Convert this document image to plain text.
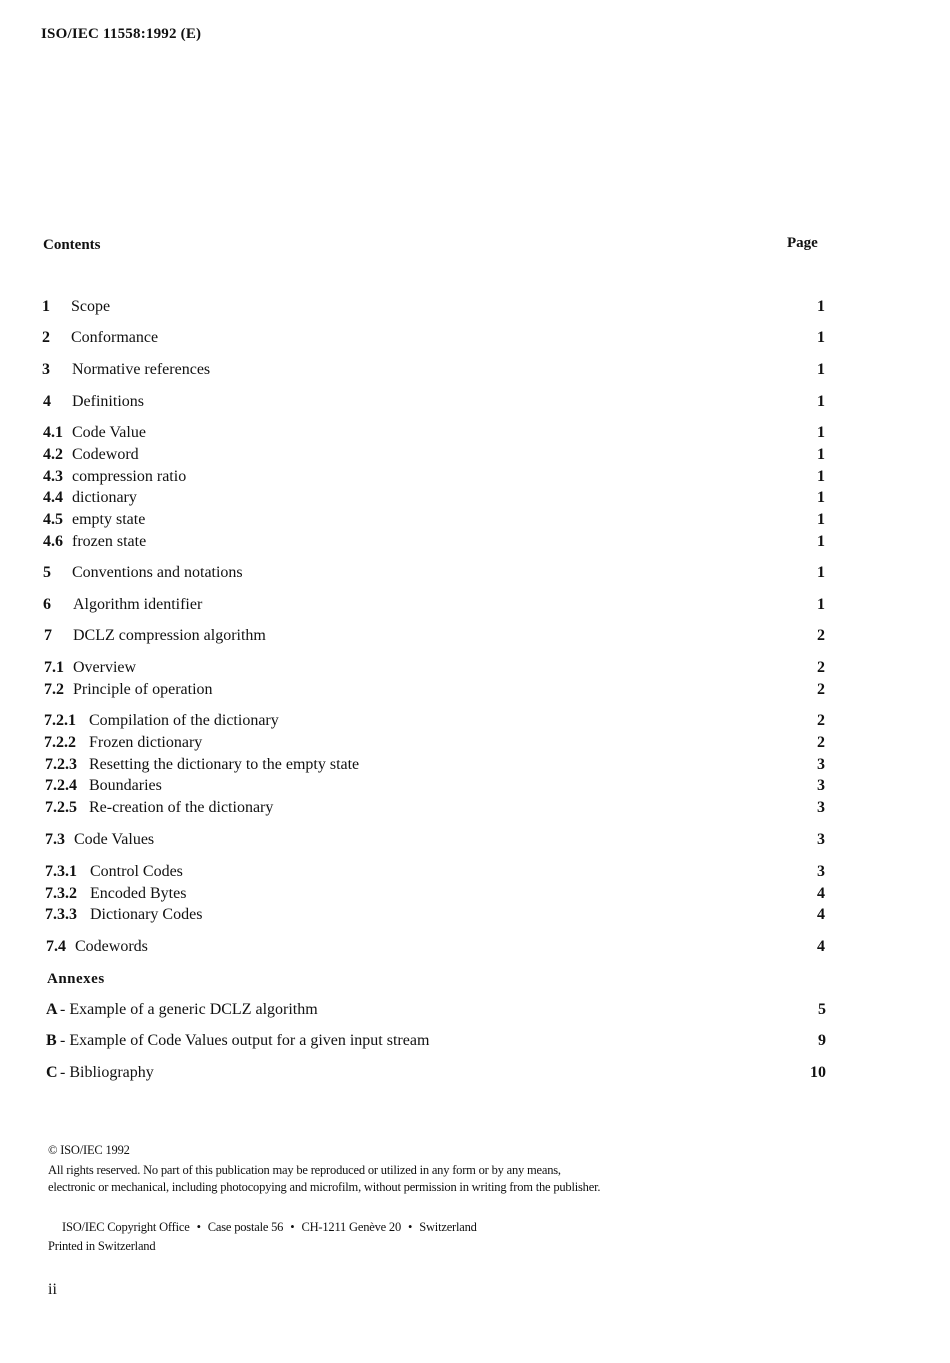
ISO/IEC 11558:1992 (E)
Contents	Page
1 Scope	1
2 Conformance	1
3 Normative references	1
4 Definitions	1
4.1 Code Value	1
4.2 Codeword	1
4.3 compression ratio	1
4.4 dictionary	1
4.5 empty state	1
4.6 frozen state	1
5 Conventions and notations	1
6 Algorithm identifier	1
7 DCLZ compression algorithm	2
7.1 Overview	2
7.2 Principle of operation	2
7.2.1 Compilation of the dictionary	2
7.2.2 Frozen dictionary	2
7.2.3 Resetting the dictionary to the empty state	3
7.2.4 Boundaries	3
7.2.5 Re-creation of the dictionary	3
7.3 Code Values	3
7.3.1 Control Codes	3
7.3.2 Encoded Bytes	4
7.3.3 Dictionary Codes	4
7.4 Codewords	4
Annexes
A - Example of a generic DCLZ algorithm	5
B - Example of Code Values output for a given input stream	9
C - Bibliography	10
© ISO/IEC 1992
All rights reserved. No part of this publication may be reproduced or utilized in any form or by any means, electronic or mechanical, including photocopying and microfilm, without permission in writing from the publisher.
ISO/IEC Copyright Office • Case postale 56 • CH-1211 Genève 20 • Switzerland
Printed in Switzerland
ii
